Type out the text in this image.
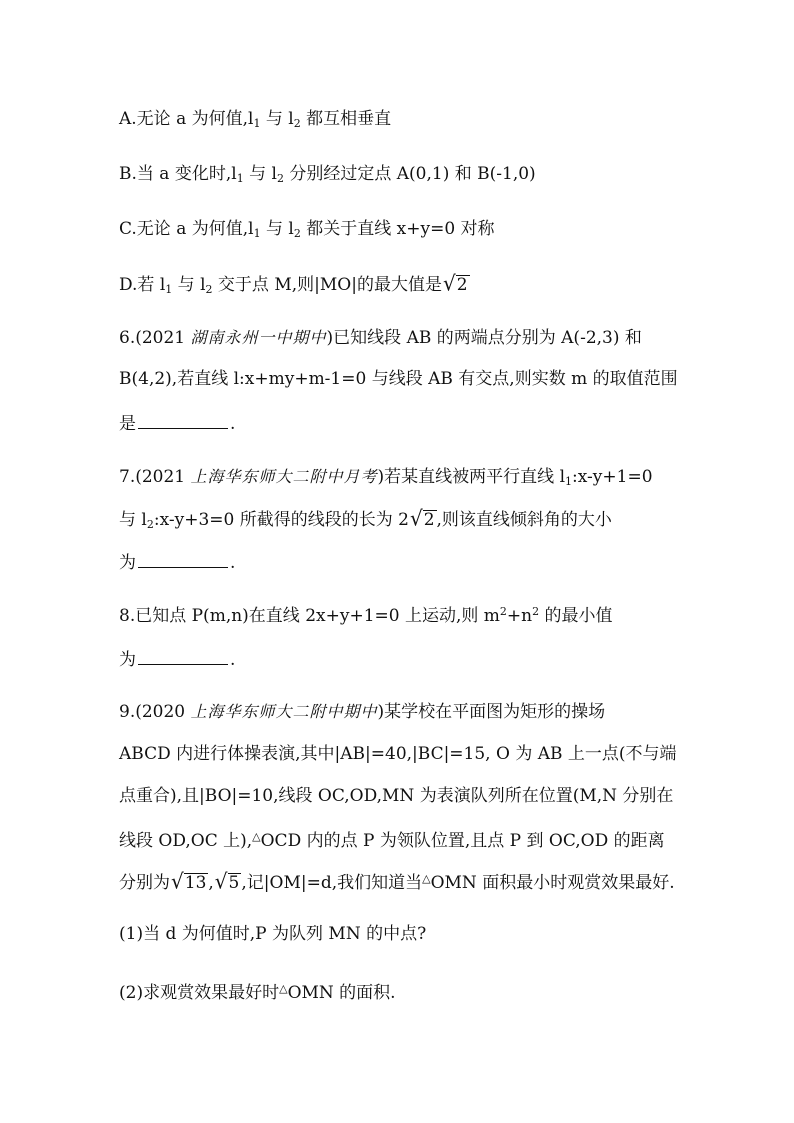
A.无论 a 为何值$,l_1$ 与 $l_2$ 都互相垂直
B.当 a 变化时$,l_1$ 与 $l_2$ 分别经过定点 A(0,1) 和 B(-1,0)
C.无论 a 为何值$,l_1$ 与 $l_2$ 都关于直线 x+y=0 对称
D.若 $l_1$ 与 $l_2$ 交于点 M,则|MO|的最大值是 √ 2
6.(2021 湖南永州一中期中)已知线段 AB 的两端点分别为 A(-2,3) 和
B(4,2),若直线 l:x+my+m-1=0 与线段 AB 有交点,则实数 m 的取值范围
是	.
7.(2021 上海华东师大二附中月考)若某直线被两平行直线 $l_1:x-y+1=0$
与 $l_2:x-y+3=0$ 所截得的线段的长为 2 √ 2 ,则该直线倾斜角的大小
为	.
8.已知点 P(m,n)在直线 2x+y+1=0 上运动,则 $m^2+n^2$ 的最小值
为	.
9.(2020 上海华东师大二附中期中)某学校在平面图为矩形的操场
ABCD 内进行体操表演,其中|AB|=40,|BC|=15, O 为 AB 上一点(不与端
点重合),且|BO|=10,线段 OC,OD,MN 为表演队列所在位置(M,N 分别在
线段 OD,OC 上),△OCD 内的点 P 为领队位置,且点 P 到 OC,OD 的距离
分别为 √ 13 , √ 5 ,记|OM|=d,我们知道当△OMN 面积最小时观赏效果最好.
(1)当 d 为何值时,P 为队列 MN 的中点?
(2)求观赏效果最好时△OMN 的面积.
